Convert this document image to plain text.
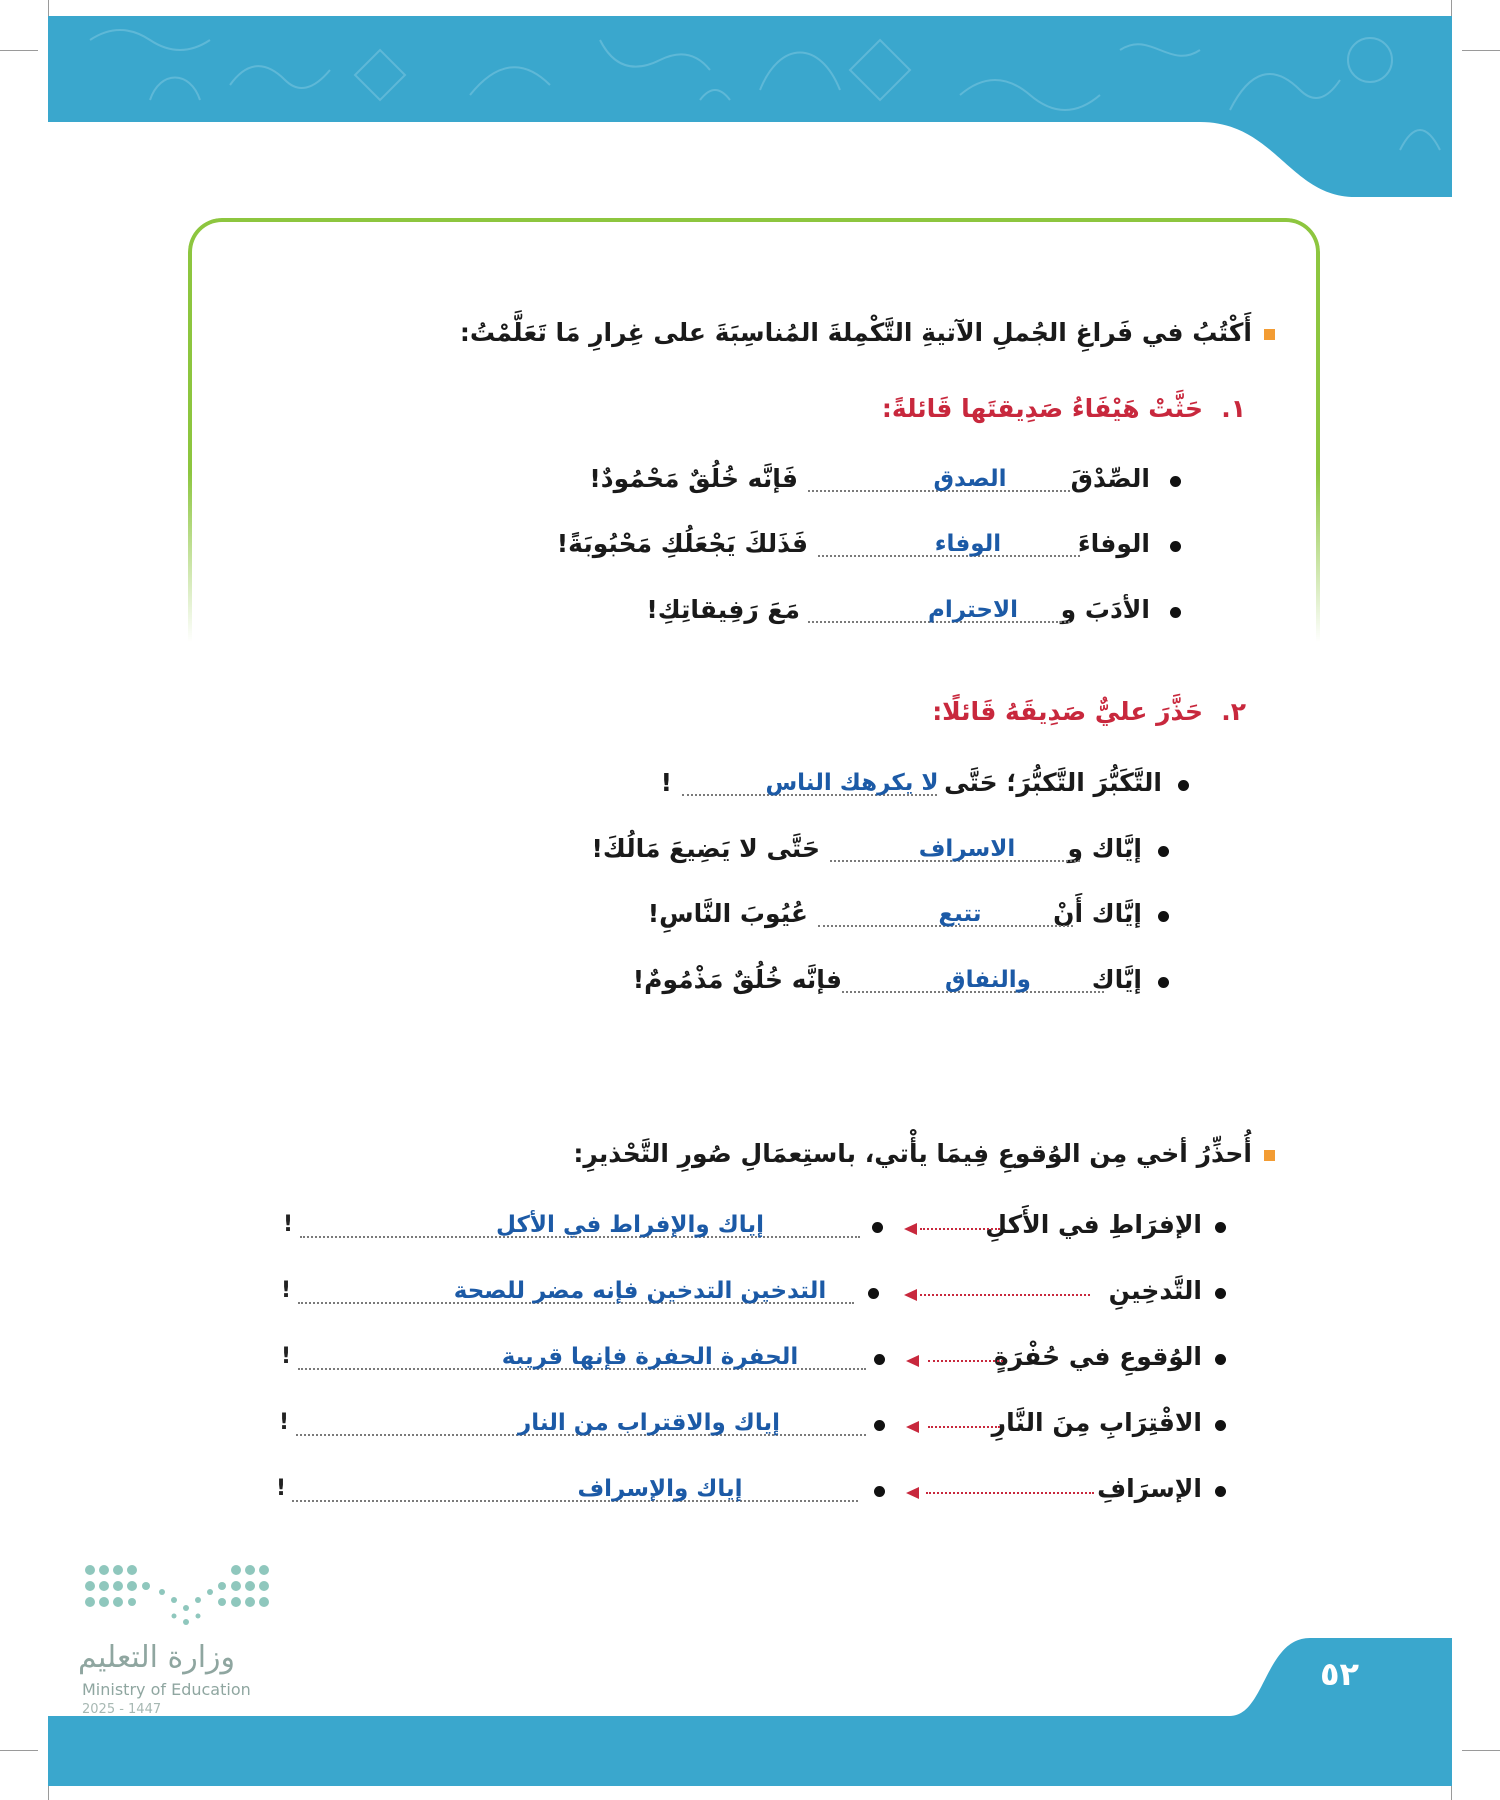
أَكْتُبُ في فَراغِ الجُملِ الآتيةِ التَّكْمِلةَ المُناسِبَةَ على غِرارِ مَا تَعَلَّمْتُ:
١.
حَثَّتْ هَيْفَاءُ صَدِيقتَها قَائلةً:
الصِّدْقَ
الصدق
فَإنَّه خُلُقٌ مَحْمُودٌ!
الوفاءَ
الوفاء
فَذَلكَ يَجْعَلُكِ مَحْبُوبَةً!
الأدَبَ و
الاحترام
مَعَ رَفِيقاتِكِ!
٢.
حَذَّرَ عليٌّ صَدِيقَهُ قَائلًا:
التَّكَبُّرَ التَّكبُّرَ؛ حَتَّى
لا يكرهك الناس
!
إيَّاك و
الاسراف
حَتَّى لا يَضِيعَ مَالُكَ!
إيَّاك أَنْ
تتبع
عُيُوبَ النَّاسِ!
إيَّاك
والنفاق
فإنَّه خُلُقٌ مَذْمُومٌ!
أُحذِّرُ أخي مِن الوُقوعِ فِيمَا يأْتي، باستِعمَالِ صُورِ التَّحْذيرِ:
الإفرَاطِ في الأَكلِ
إياك والإفراط في الأكل
!
التَّدخِينِ
التدخين التدخين فإنه مضر للصحة
!
الوُقوعِ في حُفْرَةٍ
الحفرة الحفرة فإنها قريبة
!
الاقْتِرَابِ مِنَ النَّارِ
إياك والاقتراب من النار
!
الإسرَافِ
إياك والإسراف
!
٥٢
وزارة التعليم
Ministry of Education
2025 - 1447
